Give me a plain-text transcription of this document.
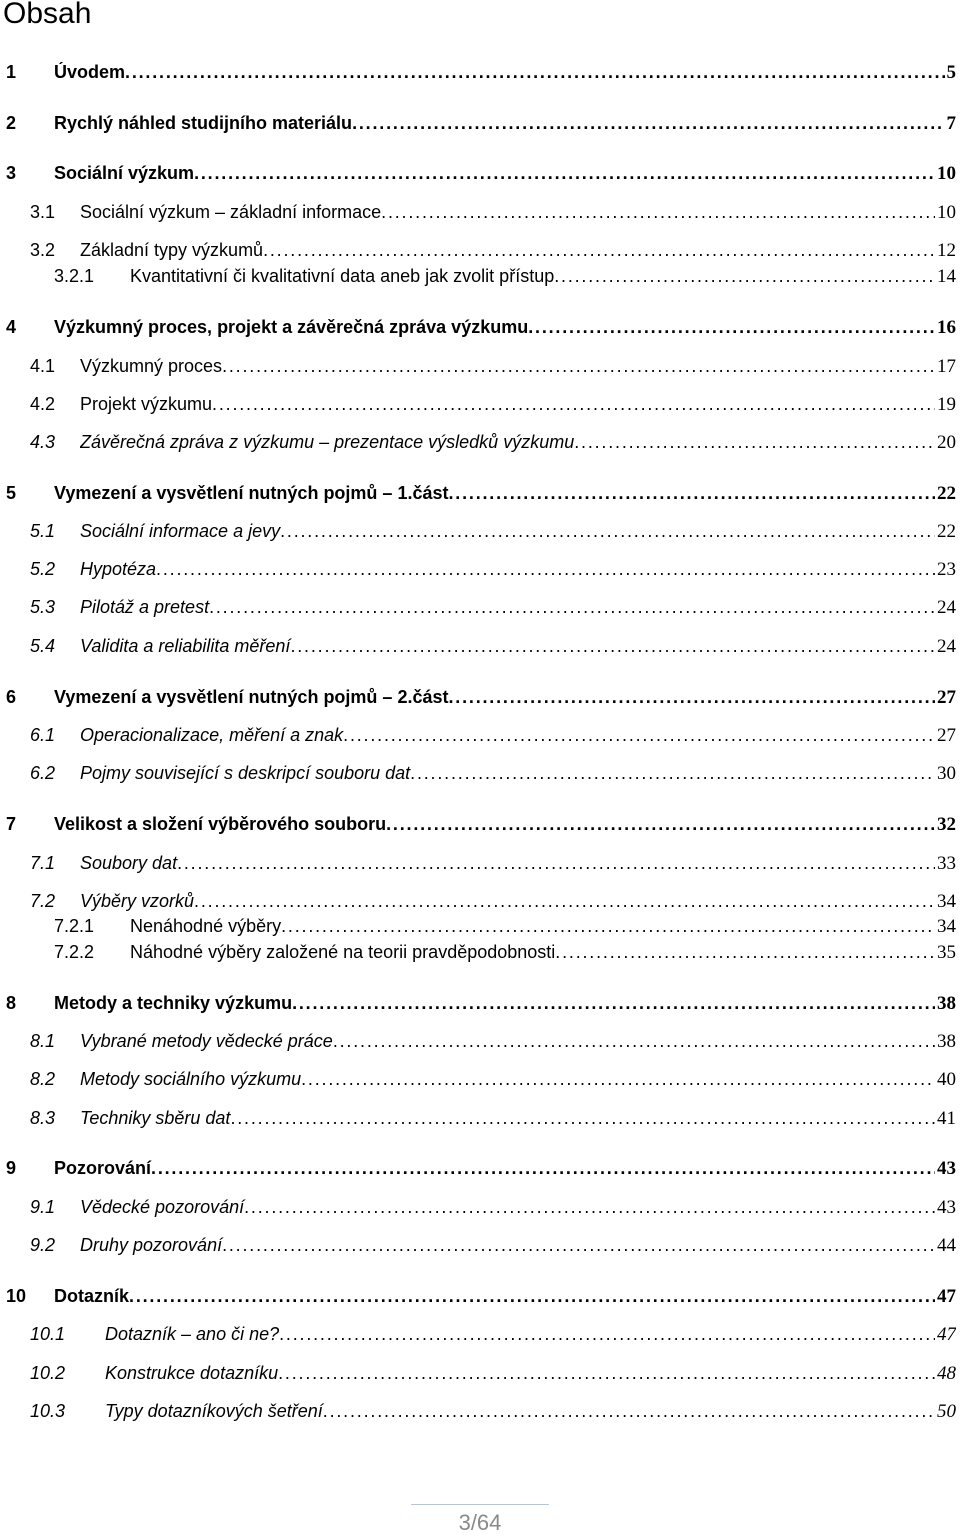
Obsah
1 Úvodem . . .	5
2 Rychlý náhled studijního materiálu . . .	7
3 Sociální výzkum . . .	10
3.1 Sociální výzkum – základní informace . . .	10
3.2 Základní typy výzkumů . . .	12
3.2.1 Kvantitativní či kvalitativní data aneb jak zvolit přístup . . .	14
4 Výzkumný proces, projekt a závěrečná zpráva výzkumu . . .	16
4.1 Výzkumný proces . . .	17
4.2 Projekt výzkumu . . .	19
4.3 Závěrečná zpráva z výzkumu – prezentace výsledků výzkumu . . .	20
5 Vymezení a vysvětlení nutných pojmů – 1.část . . .	22
5.1 Sociální informace a jevy . . .	22
5.2 Hypotéza . . .	23
5.3 Pilotáž a pretest . . .	24
5.4 Validita a reliabilita měření . . .	24
6 Vymezení a vysvětlení nutných pojmů – 2.část . . .	27
6.1 Operacionalizace, měření a znak . . .	27
6.2 Pojmy související s deskripcí souboru dat . . .	30
7 Velikost a složení výběrového souboru . . .	32
7.1 Soubory dat . . .	33
7.2 Výběry vzorků . . .	34
7.2.1 Nenáhodné výběry . . .	34
7.2.2 Náhodné výběry založené na teorii pravděpodobnosti . . .	35
8 Metody a techniky výzkumu . . .	38
8.1 Vybrané metody vědecké práce . . .	38
8.2 Metody sociálního výzkumu . . .	40
8.3 Techniky sběru dat . . .	41
9 Pozorování . . .	43
9.1 Vědecké pozorování . . .	43
9.2 Druhy pozorování . . .	44
10 Dotazník . . .	47
10.1 Dotazník – ano či ne? . . .	47
10.2 Konstrukce dotazníku . . .	48
10.3 Typy dotazníkových šetření . . .	50
3/64
